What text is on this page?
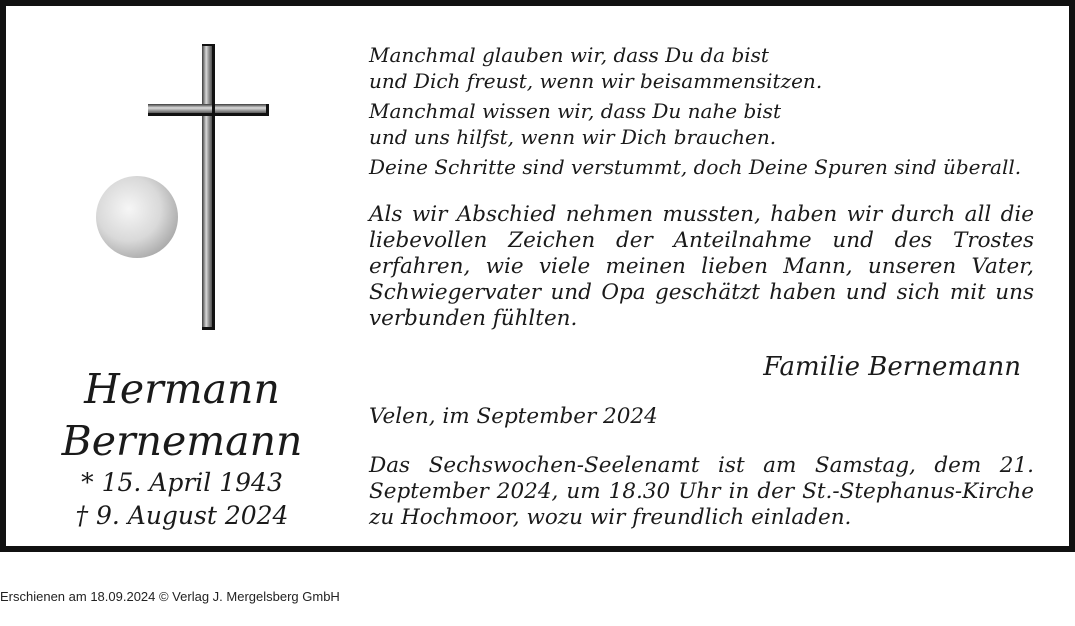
Hermann
Bernemann
* 15. April 1943
† 9. August 2024

Manchmal glauben wir, dass Du da bist
und Dich freust, wenn wir beisammensitzen.

Manchmal wissen wir, dass Du nahe bist
und uns hilfst, wenn wir Dich brauchen.

Deine Schritte sind verstummt, doch Deine Spuren sind überall.

Als wir Abschied nehmen mussten, haben wir durch all die liebevollen Zeichen der Anteilnahme und des Trostes erfahren, wie viele meinen lieben Mann, unseren Vater, Schwiegervater und Opa geschätzt haben und sich mit uns verbunden fühlten.
Familie Bernemann
Velen, im September 2024
Das Sechswochen-Seelenamt ist am Samstag, dem 21. September 2024, um 18.30 Uhr in der St.-Stephanus-Kirche zu Hochmoor, wozu wir freundlich einladen.
Erschienen am 18.09.2024 © Verlag J. Mergelsberg GmbH
